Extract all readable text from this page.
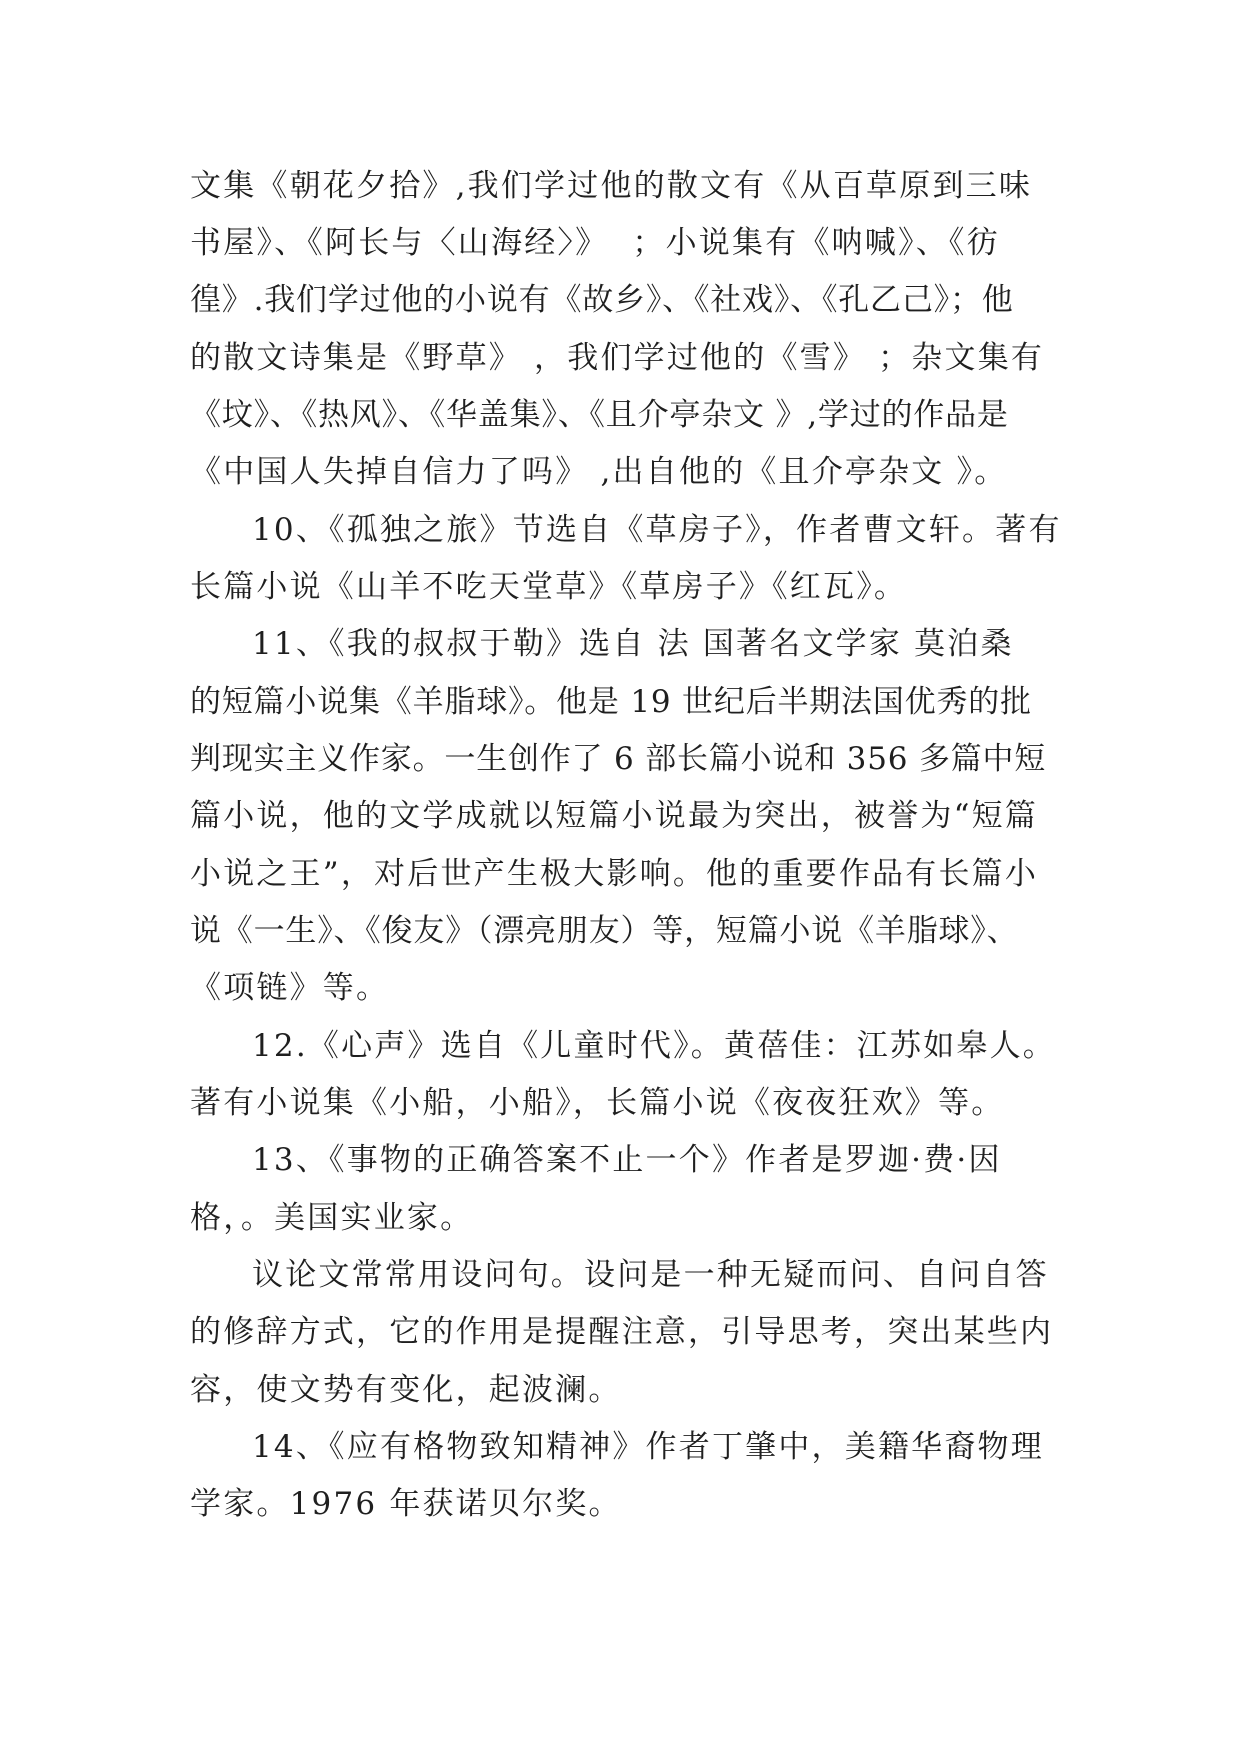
文集《朝花夕拾》,我们学过他的散文有《从百草原到三味
书屋》、《阿长与〈山海经〉》  ；小说集有《呐喊》、《彷
徨》.我们学过他的小说有《故乡》、《社戏》、《孔乙己》；他
的散文诗集是《野草》 ，我们学过他的《雪》 ；杂文集有
《坟》、《热风》、《华盖集》、《且介亭杂文 》,学过的作品是
《中国人失掉自信力了吗》 ,出自他的《且介亭杂文 》。
10、《孤独之旅》节选自《草房子》，作者曹文轩。著有
长篇小说《山羊不吃天堂草》《草房子》《红瓦》。
11、《我的叔叔于勒》选自 法 国著名文学家 莫泊桑
的短篇小说集《羊脂球》。他是 19 世纪后半期法国优秀的批
判现实主义作家。一生创作了 6 部长篇小说和 356 多篇中短
篇小说，他的文学成就以短篇小说最为突出，被誉为“短篇
小说之王”，对后世产生极大影响。他的重要作品有长篇小
说《一生》、《俊友》（漂亮朋友）等，短篇小说《羊脂球》、
《项链》等。
12.《心声》选自《儿童时代》。黄蓓佳：江苏如皋人。
著有小说集《小船，小船》，长篇小说《夜夜狂欢》等。
13、《事物的正确答案不止一个》作者是罗迦·费·因
格，。美国实业家。
议论文常常用设问句。设问是一种无疑而问、自问自答
的修辞方式，它的作用是提醒注意，引导思考，突出某些内
容，使文势有变化，起波澜。
14、《应有格物致知精神》作者丁肇中，美籍华裔物理
学家。1976 年获诺贝尔奖。
